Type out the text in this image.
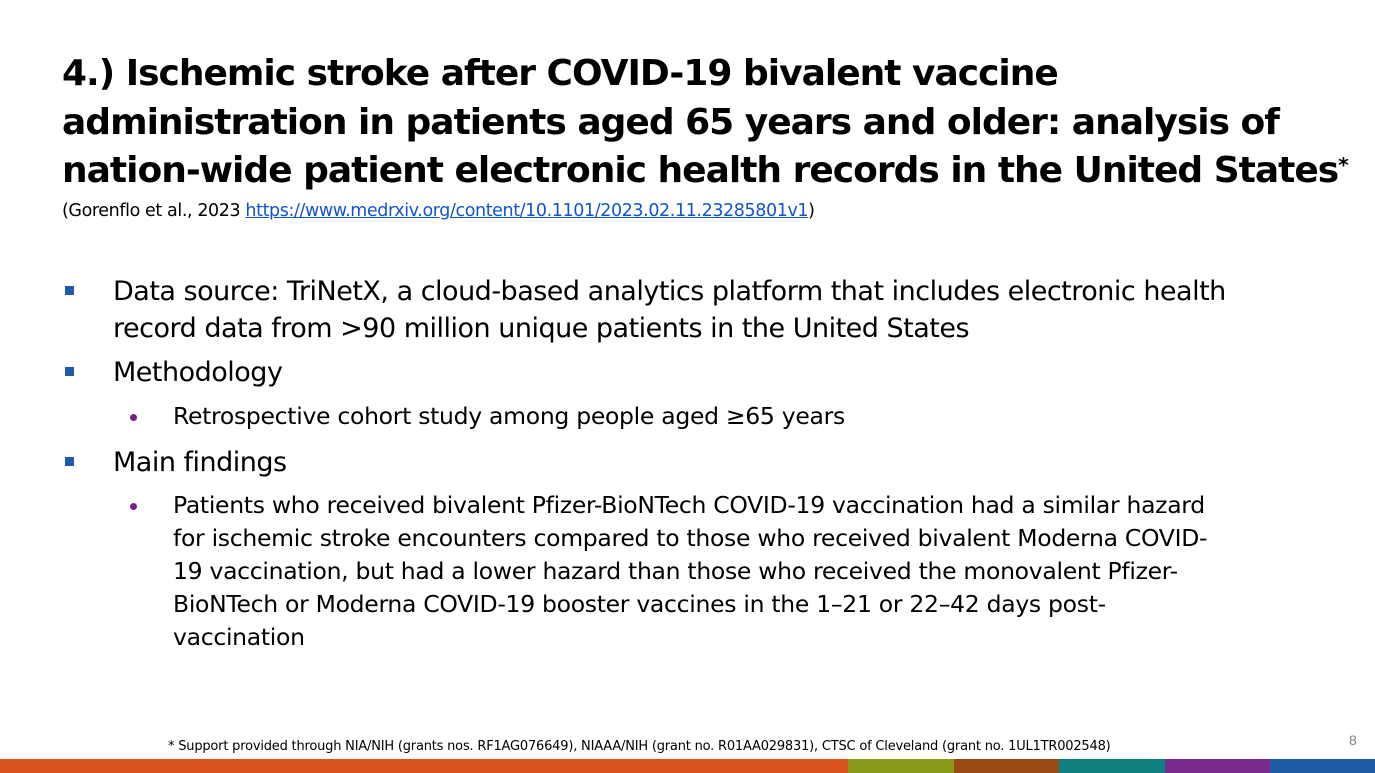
4.) Ischemic stroke after COVID-19 bivalent vaccine administration in patients aged 65 years and older: analysis of nation-wide patient electronic health records in the United States*
(Gorenflo et al., 2023 https://www.medrxiv.org/content/10.1101/2023.02.11.23285801v1)
Data source: TriNetX, a cloud-based analytics platform that includes electronic health record data from >90 million unique patients in the United States
Methodology
Retrospective cohort study among people aged ≥65 years
Main findings
Patients who received bivalent Pfizer-BioNTech COVID-19 vaccination had a similar hazard for ischemic stroke encounters compared to those who received bivalent Moderna COVID-19 vaccination, but had a lower hazard than those who received the monovalent Pfizer-BioNTech or Moderna COVID-19 booster vaccines in the 1–21 or 22–42 days post-vaccination
* Support provided through NIA/NIH (grants nos. RF1AG076649), NIAAA/NIH (grant no. R01AA029831), CTSC of Cleveland (grant no. 1UL1TR002548)	8
